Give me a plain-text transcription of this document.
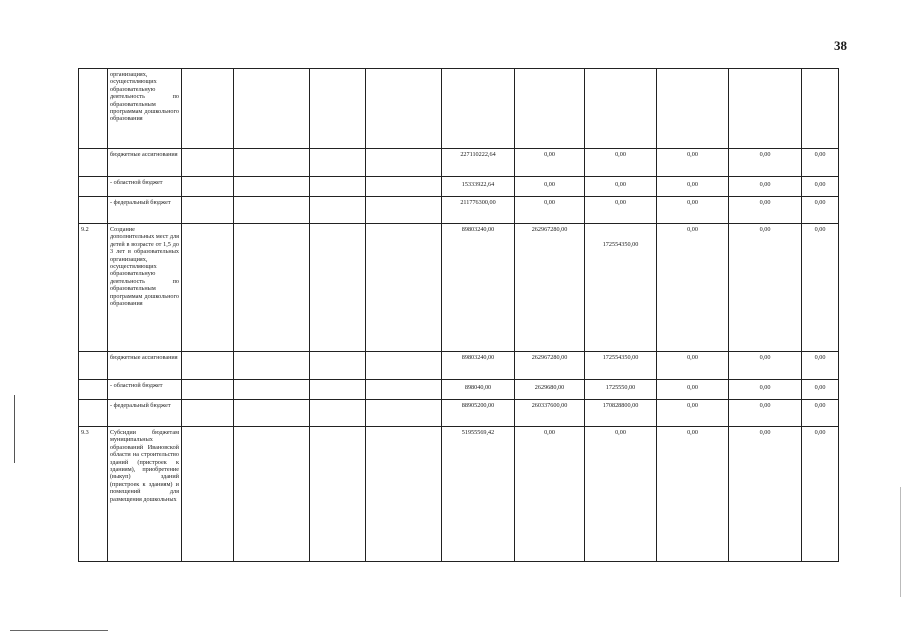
38
	организациях, осуществляющих образовательную деятельность по образовательным программам дошкольного образования										
	бюджетные ассигнования					227110222,64	0,00	0,00	0,00	0,00	0,00
	- областной бюджет					15333922,64	0,00	0,00	0,00	0,00	0,00
	- федеральный бюджет					211776300,00	0,00	0,00	0,00	0,00	0,00
9.2	Создание дополнительных мест для детей в возрасте от 1,5 до 3 лет в образовательных организациях, осуществляющих образовательную деятельность по образовательным программам дошкольного образования					89803240,00	262967280,00	172554350,00	0,00	0,00	0,00
	бюджетные ассигнования					89803240,00	262967280,00	172554350,00	0,00	0,00	0,00
	- областной бюджет					898040,00	2629680,00	1725550,00	0,00	0,00	0,00
	- федеральный бюджет					88905200,00	260337600,00	170828800,00	0,00	0,00	0,00
9.3	Субсидии бюджетам муниципальных образований Ивановской области на строительство зданий (пристроек к зданиям), приобретение (выкуп) зданий (пристроек к зданиям) и помещений для размещения дошкольных					51955569,42	0,00	0,00	0,00	0,00	0,00
